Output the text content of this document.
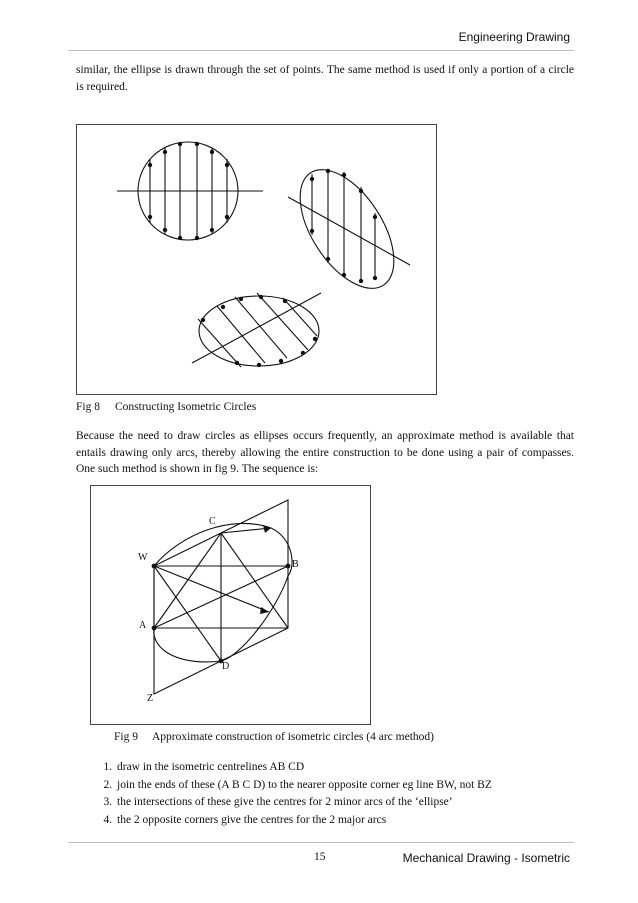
Engineering Drawing
similar, the ellipse is drawn through the set of points. The same method is used if only a portion of a circle is required.
Fig 8 Constructing Isometric Circles
Because the need to draw circles as ellipses occurs frequently, an approximate method is available that entails drawing only arcs, thereby allowing the entire construction to be done using a pair of compasses. One such method is shown in fig 9. The sequence is:
C
W
B
A
D
Z
Fig 9 Approximate construction of isometric circles (4 arc method)
1. draw in the isometric centrelines AB CD
2. join the ends of these (A B C D) to the nearer opposite corner eg line BW, not BZ
3. the intersections of these give the centres for 2 minor arcs of the ‘ellipse’
4. the 2 opposite corners give the centres for the 2 major arcs
15	Mechanical Drawing - Isometric
